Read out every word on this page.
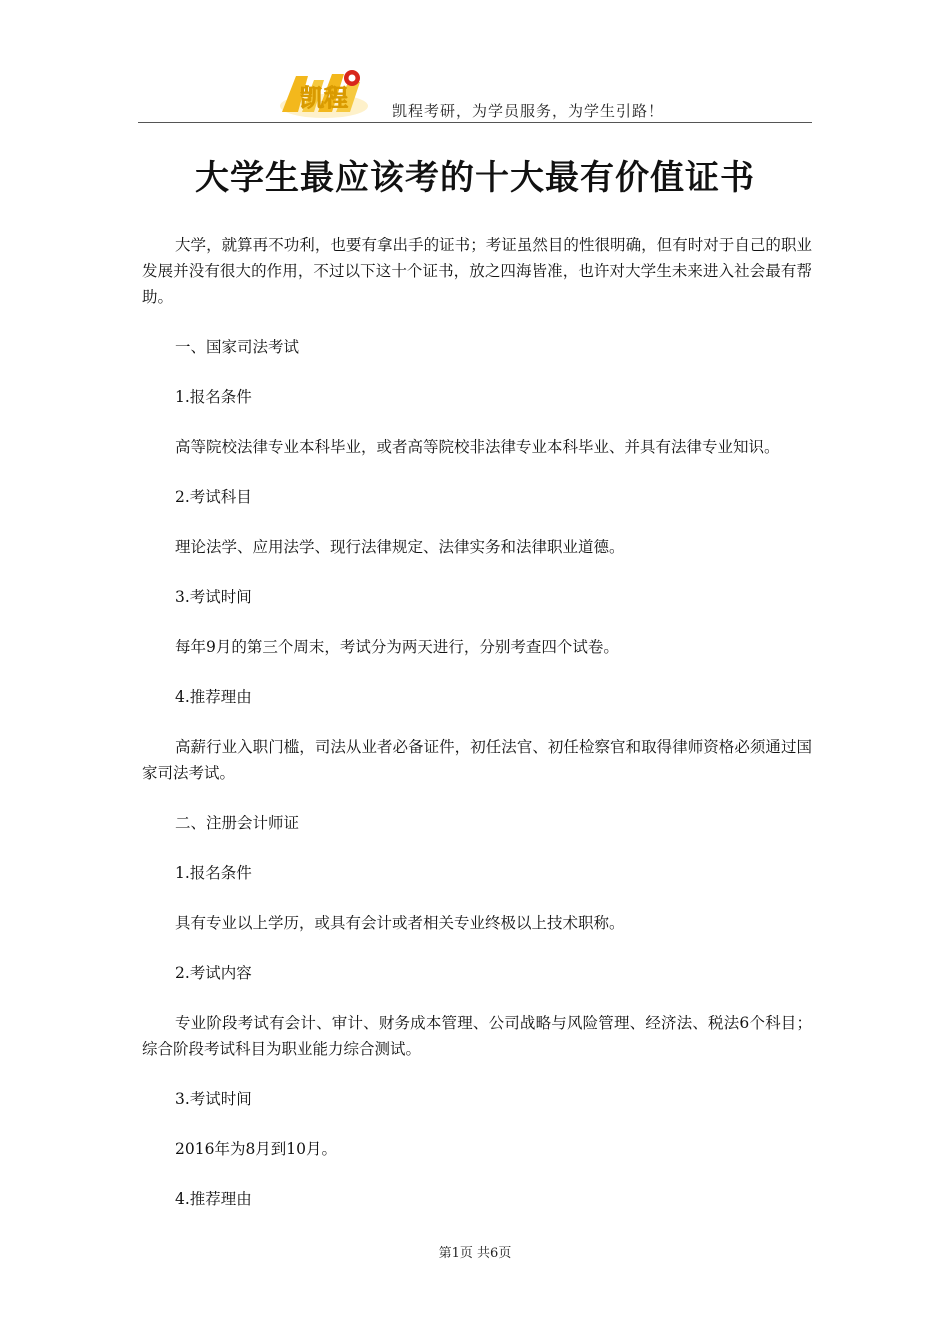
凯程	凯程考研，为学员服务，为学生引路！
大学生最应该考的十大最有价值证书

大学，就算再不功利，也要有拿出手的证书；考证虽然目的性很明确，但有时对于自己的职业发展并没有很大的作用，不过以下这十个证书，放之四海皆准，也许对大学生未来进入社会最有帮助。

一、国家司法考试

1.报名条件

高等院校法律专业本科毕业，或者高等院校非法律专业本科毕业、并具有法律专业知识。

2.考试科目

理论法学、应用法学、现行法律规定、法律实务和法律职业道德。

3.考试时间

每年9月的第三个周末，考试分为两天进行，分别考查四个试卷。

4.推荐理由

高薪行业入职门槛，司法从业者必备证件，初任法官、初任检察官和取得律师资格必须通过国家司法考试。

二、注册会计师证

1.报名条件

具有专业以上学历，或具有会计或者相关专业终极以上技术职称。

2.考试内容

专业阶段考试有会计、审计、财务成本管理、公司战略与风险管理、经济法、税法6个科目；综合阶段考试科目为职业能力综合测试。

3.考试时间

2016年为8月到10月。

4.推荐理由

第1页 共6页
